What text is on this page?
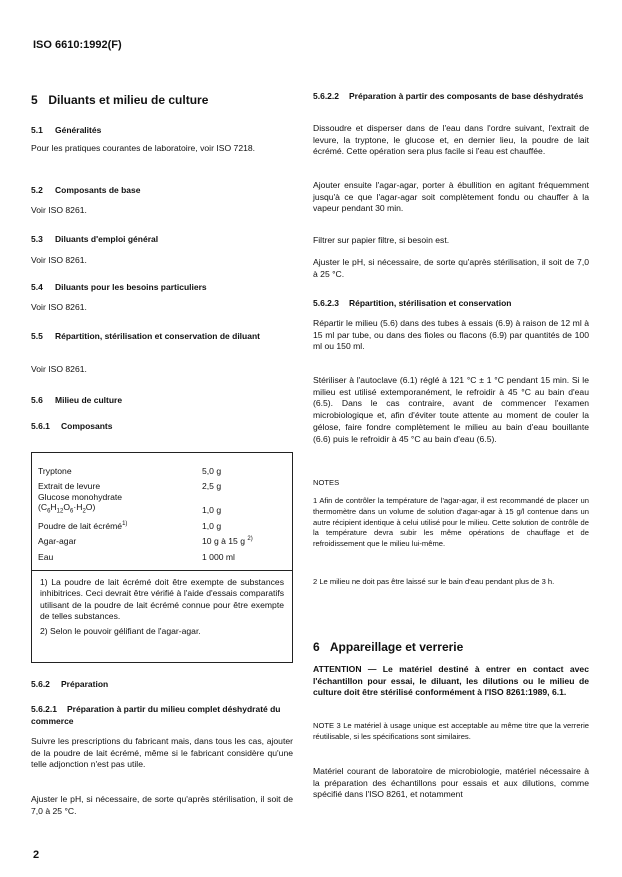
ISO 6610:1992(F)
5 Diluants et milieu de culture
5.1 Généralités
Pour les pratiques courantes de laboratoire, voir ISO 7218.
5.2 Composants de base
Voir ISO 8261.
5.3 Diluants d'emploi général
Voir ISO 8261.
5.4 Diluants pour les besoins particuliers
Voir ISO 8261.
5.5 Répartition, stérilisation et conservation de diluant
Voir ISO 8261.
5.6 Milieu de culture
5.6.1 Composants
5.6.2 Préparation
5.6.2.1 Préparation à partir du milieu complet déshydraté du commerce
Suivre les prescriptions du fabricant mais, dans tous les cas, ajouter de la poudre de lait écrémé, même si le fabricant considère qu'une telle adjonction n'est pas utile.
Ajuster le pH, si nécessaire, de sorte qu'après stérilisation, il soit de 7,0 à 25 °C.
Tryptone	5,0 g
Extrait de levure	2,5 g
Glucose monohydrate
$(C_6H_{12}O_6\cdot H_2O)$	1,0 g
Poudre de lait écrémé$^{1)}$	1,0 g
Agar-agar	10 g à 15 g $^{2)}$
Eau	1 000 ml
1) La poudre de lait écrémé doit être exempte de substances inhibitrices. Ceci devrait être vérifié à l'aide d'essais comparatifs utilisant de la poudre de lait écrémé connue pour être exempte de telles substances.
2) Selon le pouvoir gélifiant de l'agar-agar.
5.6.2.2 Préparation à partir des composants de base déshydratés
Dissoudre et disperser dans de l'eau dans l'ordre suivant, l'extrait de levure, la tryptone, le glucose et, en dernier lieu, la poudre de lait écrémé. Cette opération sera plus facile si l'eau est chauffée.
Ajouter ensuite l'agar-agar, porter à ébullition en agitant fréquemment jusqu'à ce que l'agar-agar soit complètement fondu ou chauffer à la vapeur pendant 30 min.
Filtrer sur papier filtre, si besoin est.
Ajuster le pH, si nécessaire, de sorte qu'après stérilisation, il soit de 7,0 à 25 °C.
5.6.2.3 Répartition, stérilisation et conservation
Répartir le milieu (5.6) dans des tubes à essais (6.9) à raison de 12 ml à 15 ml par tube, ou dans des fioles ou flacons (6.9) par quantités de 100 ml ou 150 ml.
Stériliser à l'autoclave (6.1) réglé à 121 °C ± 1 °C pendant 15 min. Si le milieu est utilisé extemporanément, le refroidir à 45 °C au bain d'eau (6.5). Dans le cas contraire, avant de commencer l'examen microbiologique et, afin d'éviter toute attente au moment de couler la gélose, faire fondre complètement le milieu au bain d'eau bouillante (6.6) puis le refroidir à 45 °C au bain d'eau (6.5).
NOTES
1 Afin de contrôler la température de l'agar-agar, il est recommandé de placer un thermomètre dans un volume de solution d'agar-agar à 15 g/l contenue dans un autre récipient identique à celui utilisé pour le milieu. Cette solution de contrôle de la température devra subir les même opérations de chauffage et de refroidissement que le milieu lui-même.
2 Le milieu ne doit pas être laissé sur le bain d'eau pendant plus de 3 h.
6 Appareillage et verrerie
ATTENTION — Le matériel destiné à entrer en contact avec l'échantillon pour essai, le diluant, les dilutions ou le milieu de culture doit être stérilisé conformément à l'ISO 8261:1989, 6.1.
NOTE 3 Le matériel à usage unique est acceptable au même titre que la verrerie réutilisable, si les spécifications sont similaires.
Matériel courant de laboratoire de microbiologie, matériel nécessaire à la préparation des échantillons pour essais et aux dilutions, comme spécifié dans l'ISO 8261, et notamment
2
